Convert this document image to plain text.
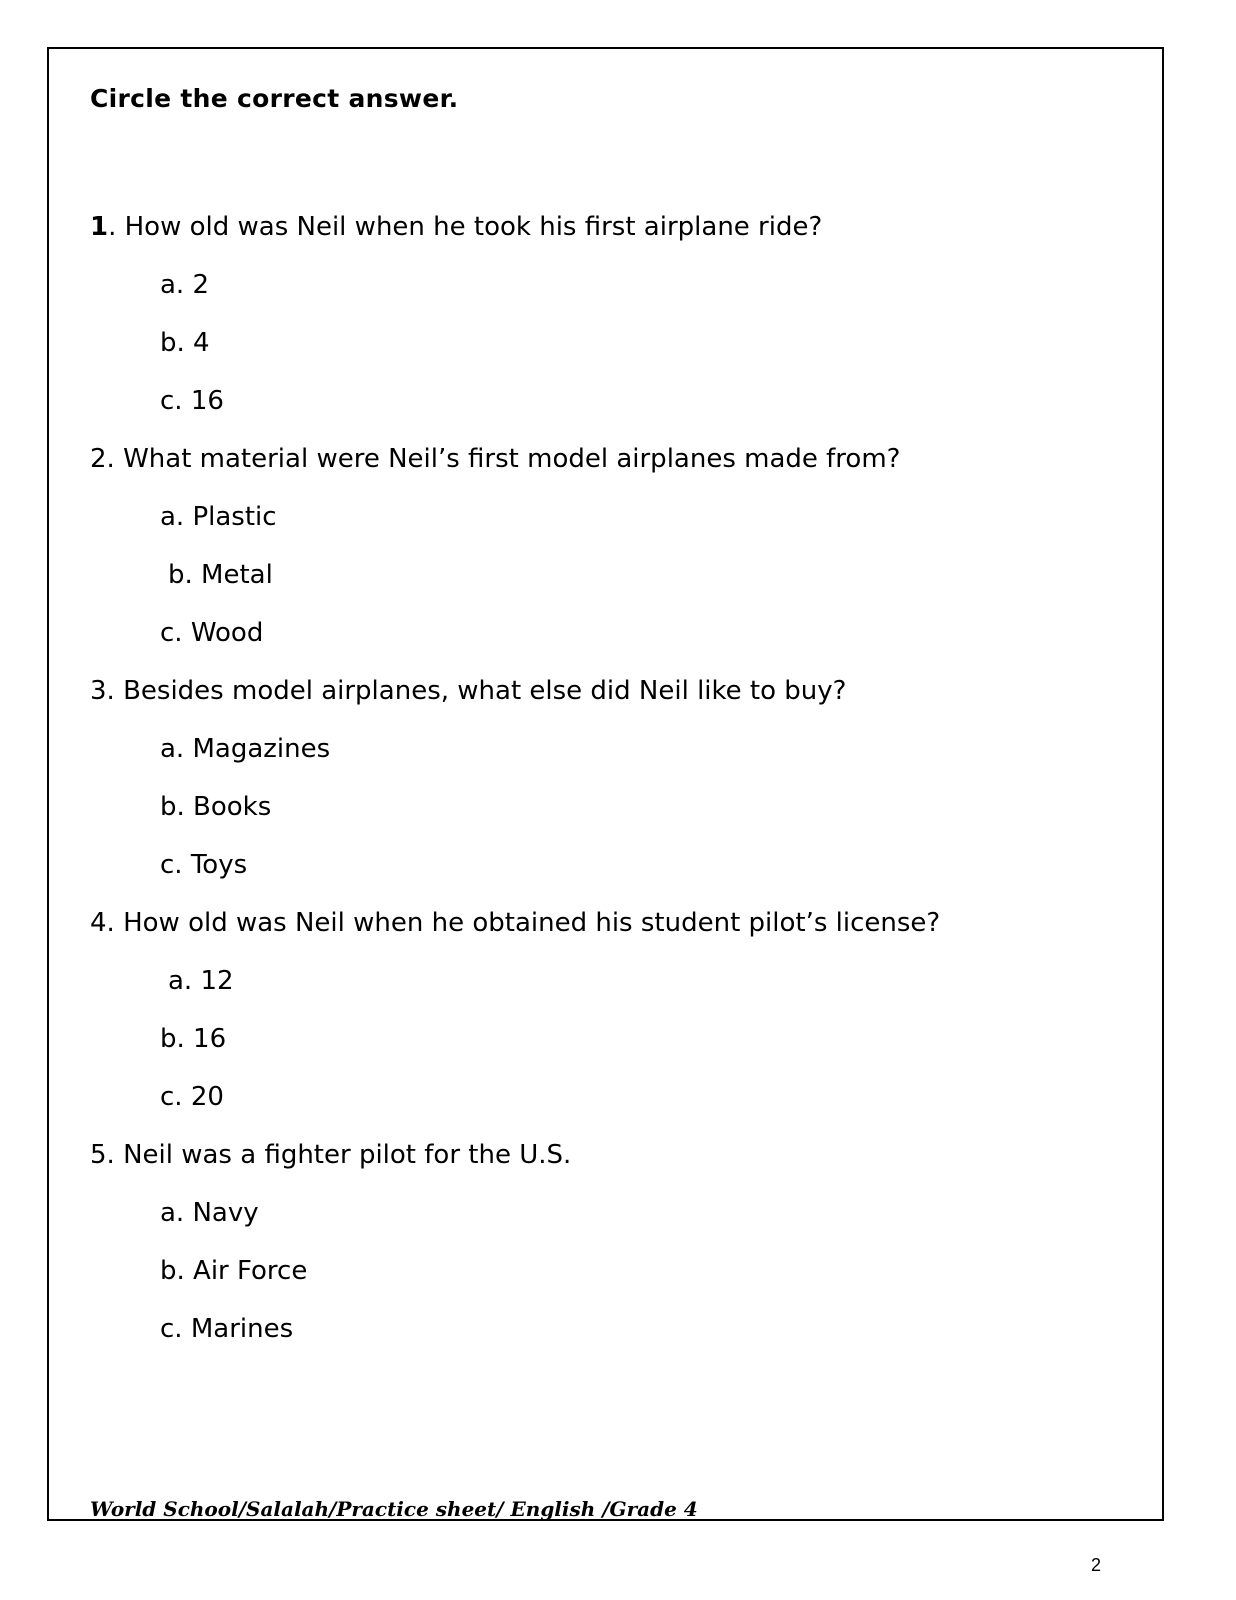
Circle the correct answer.
1. How old was Neil when he took his first airplane ride?
a. 2
b. 4
c. 16
2. What material were Neil’s first model airplanes made from?
a. Plastic
b. Metal
c. Wood
3. Besides model airplanes, what else did Neil like to buy?
a. Magazines
b. Books
c. Toys
4. How old was Neil when he obtained his student pilot’s license?
a. 12
b. 16
c. 20
5. Neil was a fighter pilot for the U.S.
a. Navy
b. Air Force
c. Marines
World School/Salalah/Practice sheet/ English /Grade 4
2
